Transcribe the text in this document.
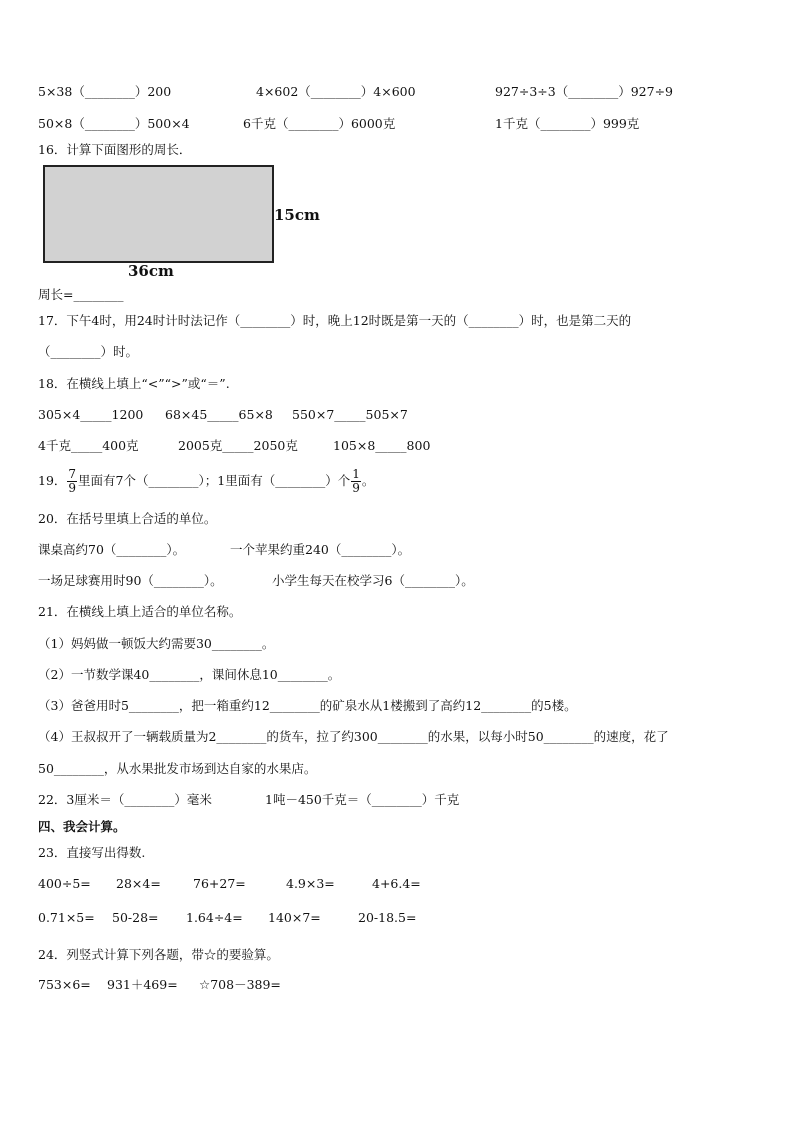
5×38（________）200	4×602（________）4×600	927÷3÷3（________）927÷9
50×8（________）500×4	6千克（________）6000克	1千克（________）999克
16．计算下面图形的周长．
15cm
36cm
周长=________
17．下午4时，用24时计时法记作（________）时，晚上12时既是第一天的（________）时，也是第二天的
（________）时。
18．在横线上填上“<”“>”或“＝”.
305×4_____1200 68×45_____65×8 550×7_____505×7
4千克_____400克	2005克_____2050克	105×8_____800
19． $\frac{7}{9}$ 里面有7个（________）；1里面有（________）个 $\frac{1}{9}$ 。
20．在括号里填上合适的单位。
课桌高约70（________）。	一个苹果约重240（________）。
一场足球赛用时90（________）。	小学生每天在校学习6（________）。
21．在横线上填上适合的单位名称。
（1）妈妈做一顿饭大约需要30________。
（2）一节数学课40________，课间休息10________。
（3）爸爸用时5________，把一箱重约12________的矿泉水从1楼搬到了高约12________的5楼。
（4）王叔叔开了一辆载质量为2________的货车，拉了约300________的水果，以每小时50________的速度，花了
50________，从水果批发市场到达自家的水果店。
22．3厘米＝（________）毫米	1吨－450千克＝（________）千克
四、我会计算。
23．直接写出得数.
400÷5= 28×4=	76+27=	4.9×3=	4+6.4=
0.71×5= 50-28= 1.64÷4= 140×7=	20-18.5=
24．列竖式计算下列各题，带☆的要验算。
753×6= 931＋469= ☆708－389=
